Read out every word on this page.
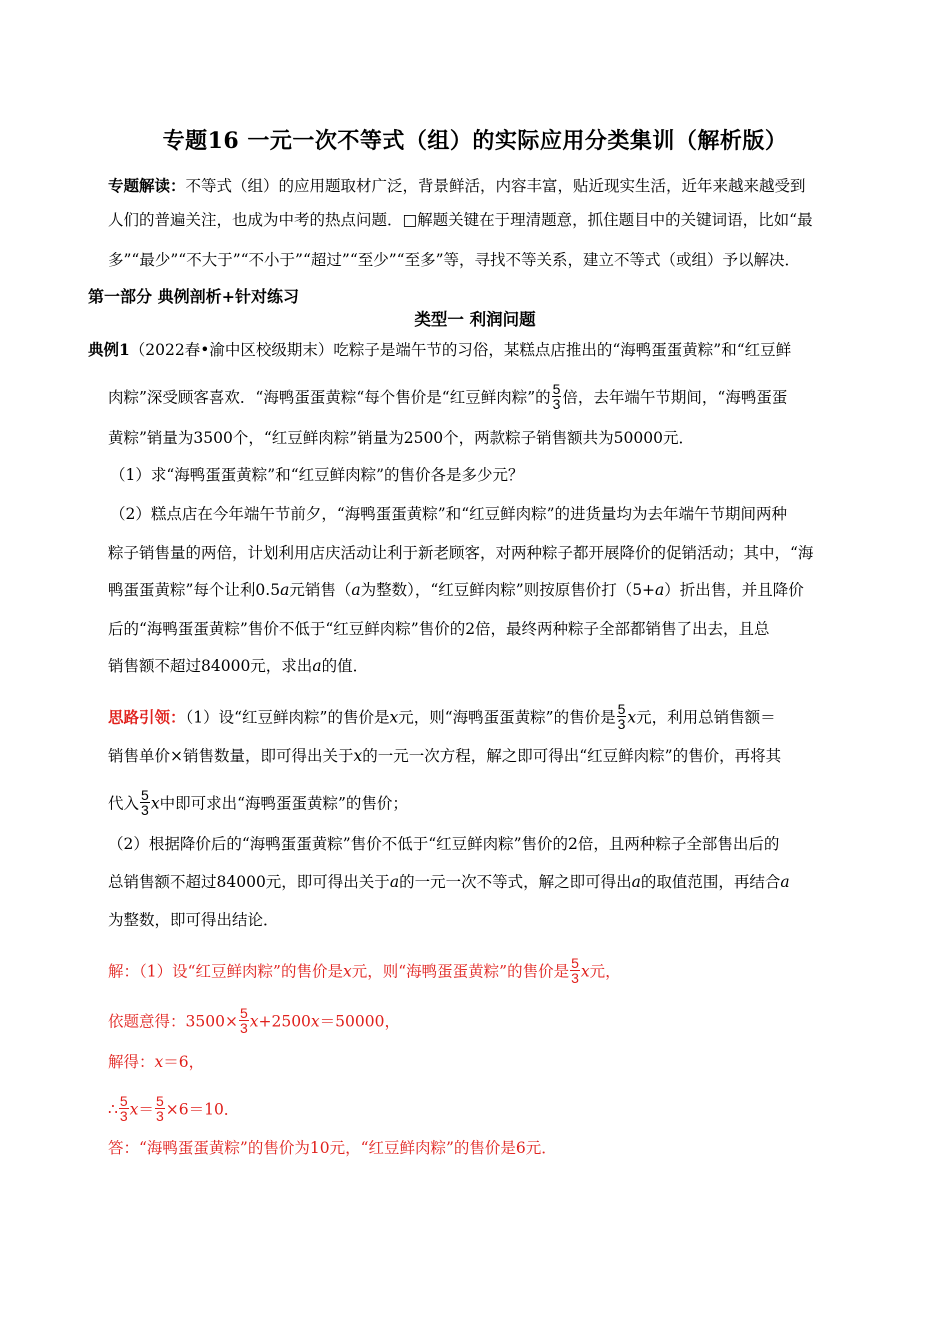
专题16 一元一次不等式（组）的实际应用分类集训（解析版）
专题解读：不等式（组）的应用题取材广泛，背景鲜活，内容丰富，贴近现实生活，近年来越来越受到
人们的普遍关注，也成为中考的热点问题．□解题关键在于理清题意，抓住题目中的关键词语，比如“最
多”“最少”“不大于”“不小于”“超过”“至少”“至多”等，寻找不等关系，建立不等式（或组）予以解决．
第一部分 典例剖析+针对练习
类型一 利润问题
典例1（2022春•渝中区校级期末）吃粽子是端午节的习俗，某糕点店推出的“海鸭蛋蛋黄粽”和“红豆鲜
肉粽”深受顾客喜欢．“海鸭蛋蛋黄粽“每个售价是“红豆鲜肉粽”的 $\frac{5}{3}$ 倍，去年端午节期间，“海鸭蛋蛋
黄粽”销量为3500个，“红豆鲜肉粽”销量为2500个，两款粽子销售额共为50000元．
（1）求“海鸭蛋蛋黄粽”和“红豆鲜肉粽”的售价各是多少元？
（2）糕点店在今年端午节前夕，“海鸭蛋蛋黄粽”和“红豆鲜肉粽”的进货量均为去年端午节期间两种
粽子销售量的两倍，计划利用店庆活动让利于新老顾客，对两种粽子都开展降价的促销活动；其中，“海
鸭蛋蛋黄粽”每个让利0.5a元销售（a为整数），“红豆鲜肉粽”则按原售价打（5+a）折出售，并且降价
后的“海鸭蛋蛋黄粽”售价不低于“红豆鲜肉粽”售价的2倍，最终两种粽子全部都销售了出去，且总
销售额不超过84000元，求出a的值．
思路引领：（1）设“红豆鲜肉粽”的售价是x元，则“海鸭蛋蛋黄粽”的售价是 $\frac{5}{3}$ x元，利用总销售额＝
销售单价×销售数量，即可得出关于x的一元一次方程，解之即可得出“红豆鲜肉粽”的售价，再将其
代入 $\frac{5}{3}$ x中即可求出“海鸭蛋蛋黄粽”的售价；
（2）根据降价后的“海鸭蛋蛋黄粽”售价不低于“红豆鲜肉粽”售价的2倍，且两种粽子全部售出后的
总销售额不超过84000元，即可得出关于a的一元一次不等式，解之即可得出a的取值范围，再结合a
为整数，即可得出结论．
解：（1）设“红豆鲜肉粽”的售价是x元，则“海鸭蛋蛋黄粽”的售价是 $\frac{5}{3}$ x元，
依题意得：$3500\times \frac{5}{3} x+2500x=50000$，
解得：x＝6，
∴ $\frac{5}{3} x= \frac{5}{3} \times 6=10$．
答：“海鸭蛋蛋黄粽”的售价为10元，“红豆鲜肉粽”的售价是6元．
